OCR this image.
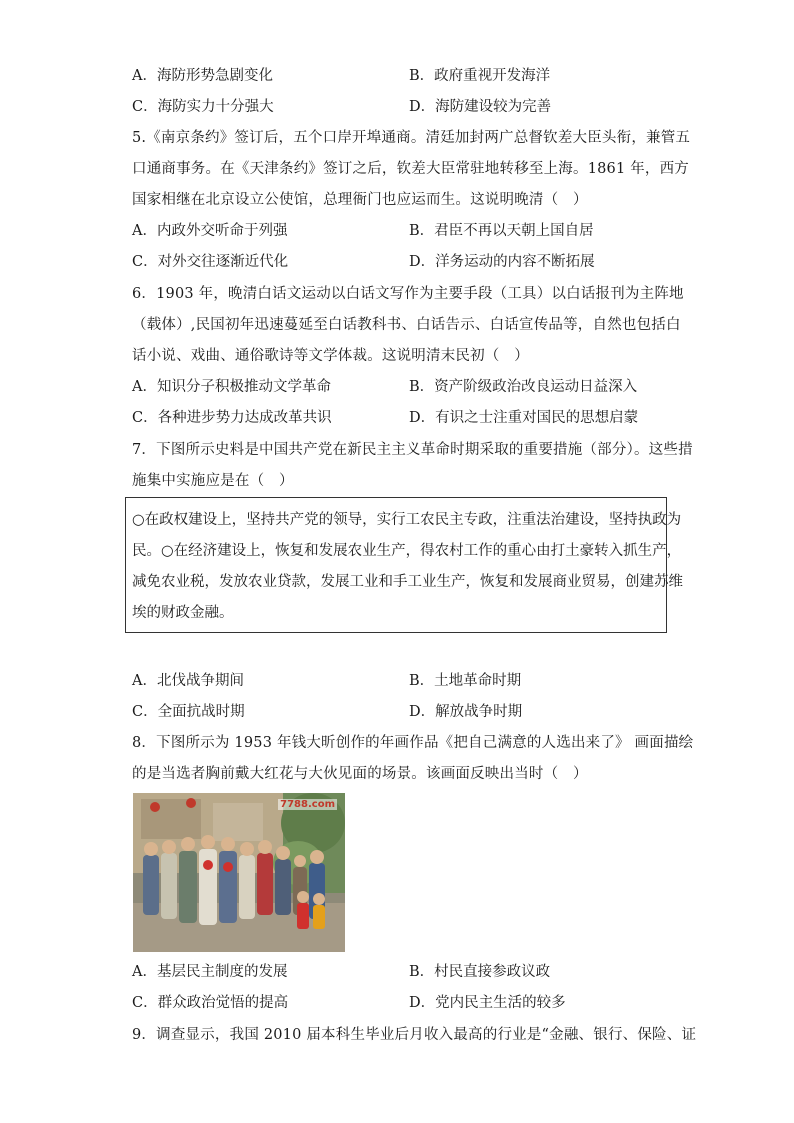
A．海防形势急剧变化	B．政府重视开发海洋
C．海防实力十分强大	D．海防建设较为完善
5.《南京条约》签订后，五个口岸开埠通商。清廷加封两广总督钦差大臣头衔，兼管五
口通商事务。在《天津条约》签订之后，钦差大臣常驻地转移至上海。1861 年，西方
国家相继在北京设立公使馆，总理衙门也应运而生。这说明晚清（　）
A．内政外交听命于列强	B．君臣不再以天朝上国自居
C．对外交往逐渐近代化	D．洋务运动的内容不断拓展
6．1903 年，晚清白话文运动以白话文写作为主要手段（工具）以白话报刊为主阵地
（载体）,民国初年迅速蔓延至白话教科书、白话告示、白话宣传品等，自然也包括白
话小说、戏曲、通俗歌诗等文学体裁。这说明清末民初（　）
A．知识分子积极推动文学革命	B．资产阶级政治改良运动日益深入
C．各种进步势力达成改革共识	D．有识之士注重对国民的思想启蒙
7．下图所示史料是中国共产党在新民主主义革命时期采取的重要措施（部分）。这些措
施集中实施应是在（　）
○在政权建设上，坚持共产党的领导，实行工农民主专政，注重法治建设，坚持执政为
民。○在经济建设上，恢复和发展农业生产，得农村工作的重心由打土豪转入抓生产，
减免农业税，发放农业贷款，发展工业和手工业生产，恢复和发展商业贸易，创建苏维
埃的财政金融。
A．北伐战争期间	B．土地革命时期
C．全面抗战时期	D．解放战争时期
8．下图所示为 1953 年钱大昕创作的年画作品《把自己满意的人选出来了》 画面描绘
的是当选者胸前戴大红花与大伙见面的场景。该画面反映出当时（　）
7788.com
A．基层民主制度的发展	B．村民直接参政议政
C．群众政治觉悟的提高	D．党内民主生活的较多
9．调查显示，我国 2010 届本科生毕业后月收入最高的行业是“金融、银行、保险、证
